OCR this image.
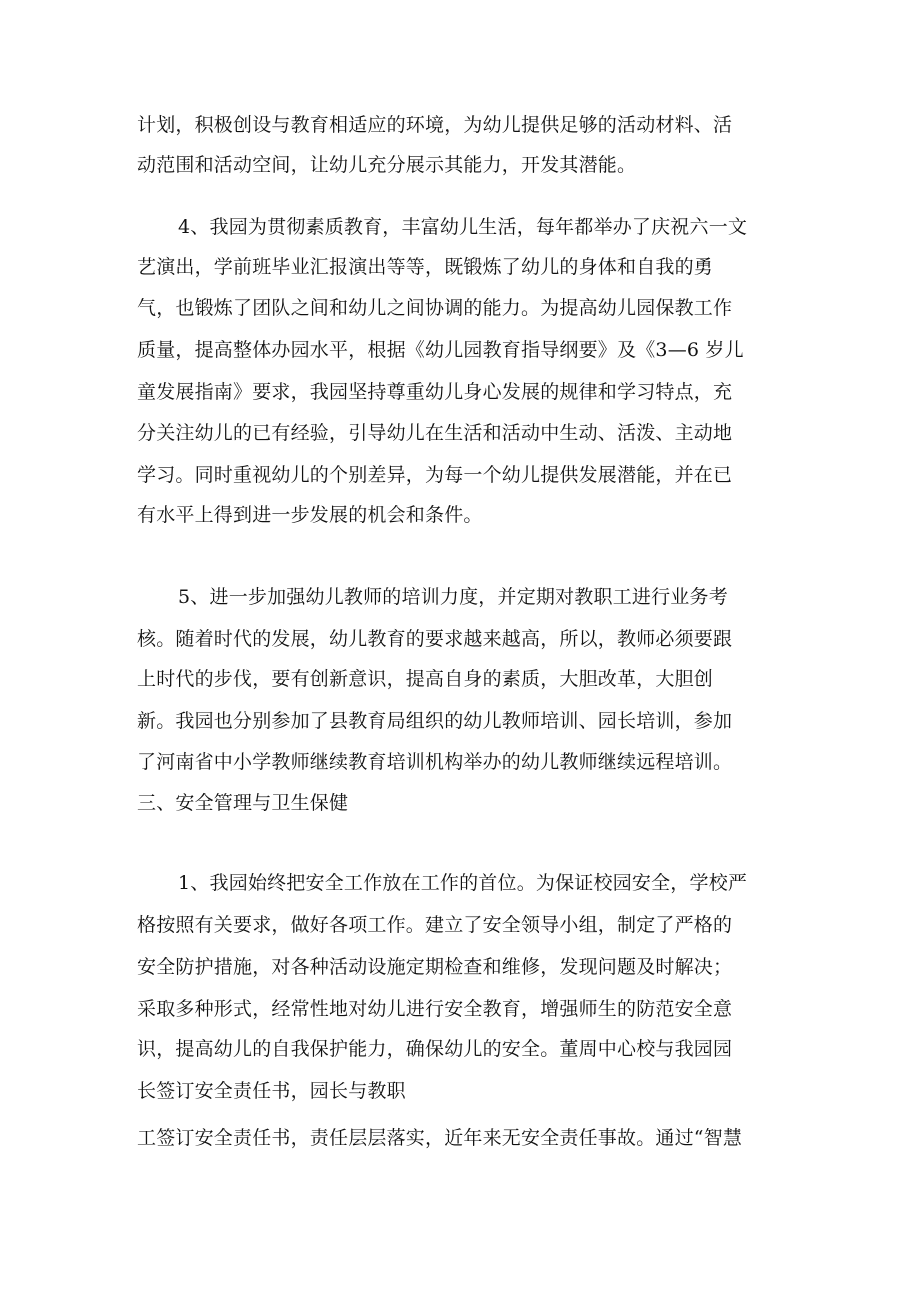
计划，积极创设与教育相适应的环境，为幼儿提供足够的活动材料、活
动范围和活动空间，让幼儿充分展示其能力，开发其潜能。
4、我园为贯彻素质教育，丰富幼儿生活，每年都举办了庆祝六一文
艺演出，学前班毕业汇报演出等等，既锻炼了幼儿的身体和自我的勇
气，也锻炼了团队之间和幼儿之间协调的能力。为提高幼儿园保教工作
质量，提高整体办园水平，根据《幼儿园教育指导纲要》及《3—6 岁儿
童发展指南》要求，我园坚持尊重幼儿身心发展的规律和学习特点，充
分关注幼儿的已有经验，引导幼儿在生活和活动中生动、活泼、主动地
学习。同时重视幼儿的个别差异，为每一个幼儿提供发展潜能，并在已
有水平上得到进一步发展的机会和条件。
5、进一步加强幼儿教师的培训力度，并定期对教职工进行业务考
核。随着时代的发展，幼儿教育的要求越来越高，所以，教师必须要跟
上时代的步伐，要有创新意识，提高自身的素质，大胆改革，大胆创
新。我园也分别参加了县教育局组织的幼儿教师培训、园长培训，参加
了河南省中小学教师继续教育培训机构举办的幼儿教师继续远程培训。
三、安全管理与卫生保健
1、我园始终把安全工作放在工作的首位。为保证校园安全，学校严
格按照有关要求，做好各项工作。建立了安全领导小组，制定了严格的
安全防护措施，对各种活动设施定期检查和维修，发现问题及时解决；
采取多种形式，经常性地对幼儿进行安全教育，增强师生的防范安全意
识，提高幼儿的自我保护能力，确保幼儿的安全。董周中心校与我园园
长签订安全责任书，园长与教职
工签订安全责任书，责任层层落实，近年来无安全责任事故。通过“智慧
